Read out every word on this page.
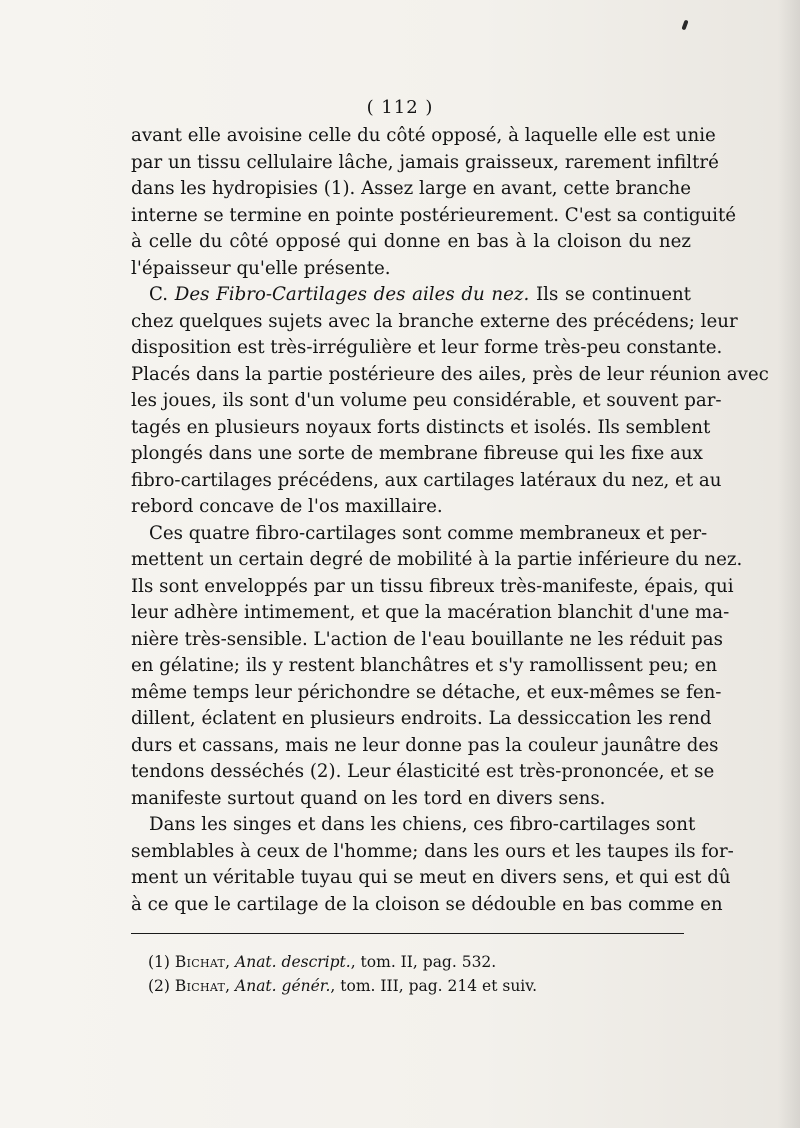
( 112 )
avant elle avoisine celle du côté opposé, à laquelle elle est unie
par un tissu cellulaire lâche, jamais graisseux, rarement infiltré
dans les hydropisies (1). Assez large en avant, cette branche
interne se termine en pointe postérieurement. C'est sa contiguité
à celle du côté opposé qui donne en bas à la cloison du nez
l'épaisseur qu'elle présente.
C. Des Fibro-Cartilages des ailes du nez. Ils se continuent
chez quelques sujets avec la branche externe des précédens; leur
disposition est très-irrégulière et leur forme très-peu constante.
Placés dans la partie postérieure des ailes, près de leur réunion avec
les joues, ils sont d'un volume peu considérable, et souvent par-
tagés en plusieurs noyaux forts distincts et isolés. Ils semblent
plongés dans une sorte de membrane fibreuse qui les fixe aux
fibro-cartilages précédens, aux cartilages latéraux du nez, et au
rebord concave de l'os maxillaire.
Ces quatre fibro-cartilages sont comme membraneux et per-
mettent un certain degré de mobilité à la partie inférieure du nez.
Ils sont enveloppés par un tissu fibreux très-manifeste, épais, qui
leur adhère intimement, et que la macération blanchit d'une ma-
nière très-sensible. L'action de l'eau bouillante ne les réduit pas
en gélatine; ils y restent blanchâtres et s'y ramollissent peu; en
même temps leur périchondre se détache, et eux-mêmes se fen-
dillent, éclatent en plusieurs endroits. La dessiccation les rend
durs et cassans, mais ne leur donne pas la couleur jaunâtre des
tendons desséchés (2). Leur élasticité est très-prononcée, et se
manifeste surtout quand on les tord en divers sens.
Dans les singes et dans les chiens, ces fibro-cartilages sont
semblables à ceux de l'homme; dans les ours et les taupes ils for-
ment un véritable tuyau qui se meut en divers sens, et qui est dû
à ce que le cartilage de la cloison se dédouble en bas comme en
(1) Bichat, Anat. descript., tom. II, pag. 532.
(2) Bichat, Anat. génér., tom. III, pag. 214 et suiv.
